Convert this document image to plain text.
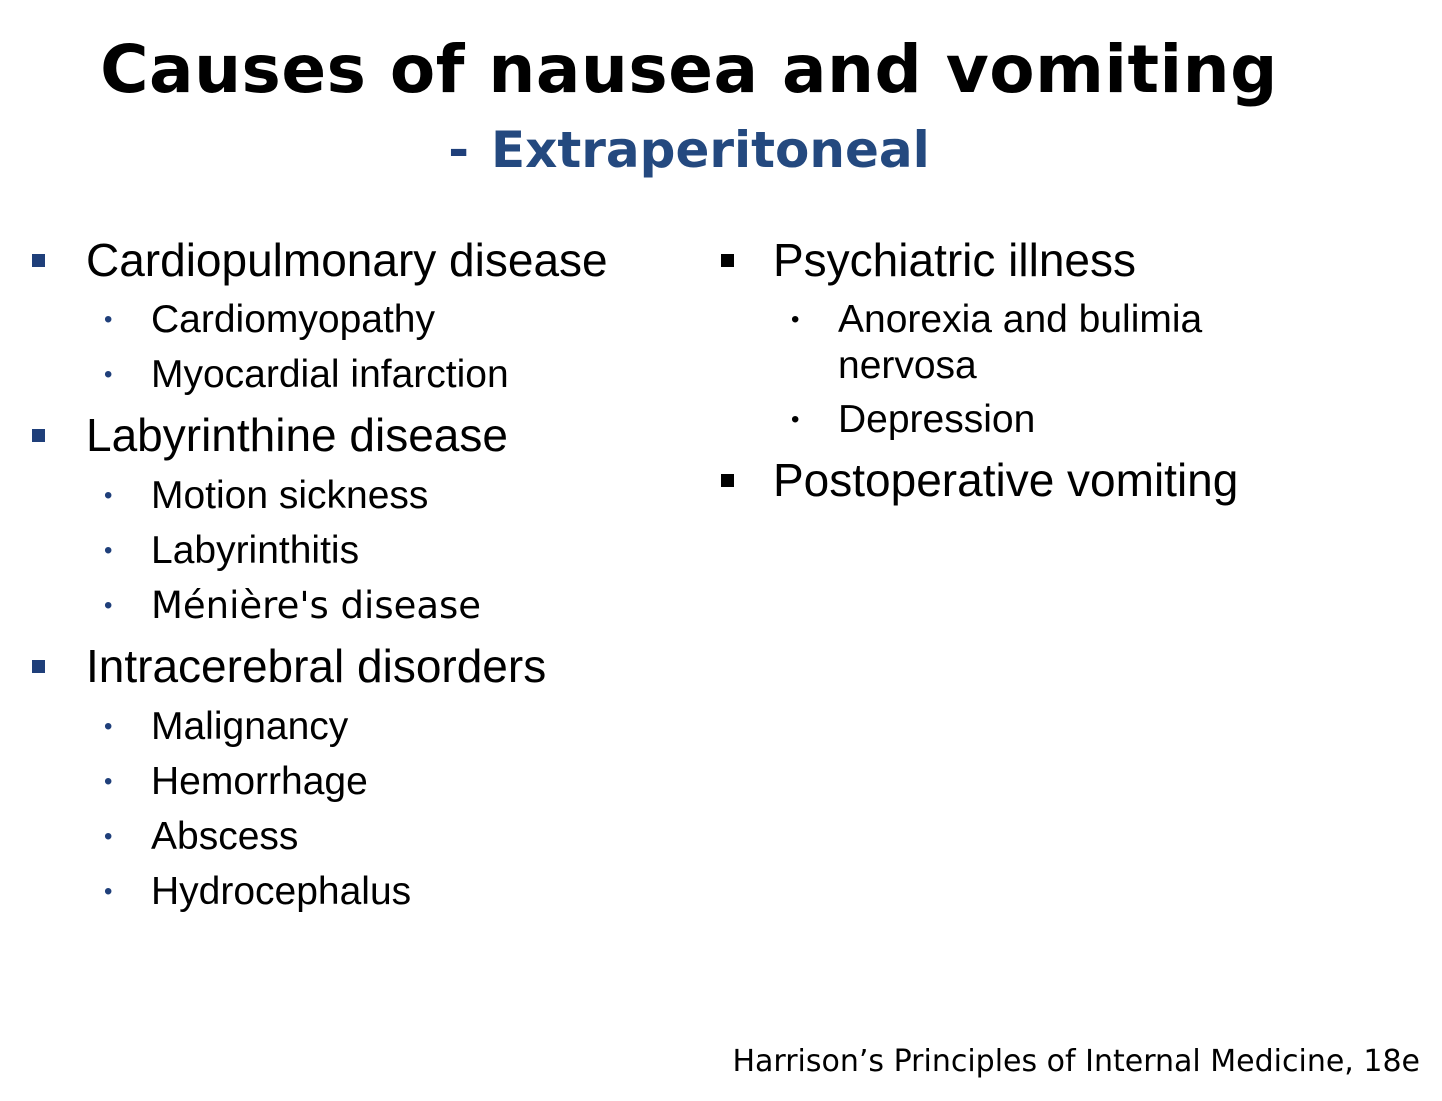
Causes of nausea and vomiting
- Extraperitoneal
Cardiopulmonary disease
• Cardiomyopathy
• Myocardial infarction
Labyrinthine disease
• Motion sickness
• Labyrinthitis
• Ménière's disease
Intracerebral disorders
• Malignancy
• Hemorrhage
• Abscess
• Hydrocephalus
Psychiatric illness
• Anorexia and bulimia nervosa
• Depression
Postoperative vomiting
Harrison’s Principles of Internal Medicine, 18e
